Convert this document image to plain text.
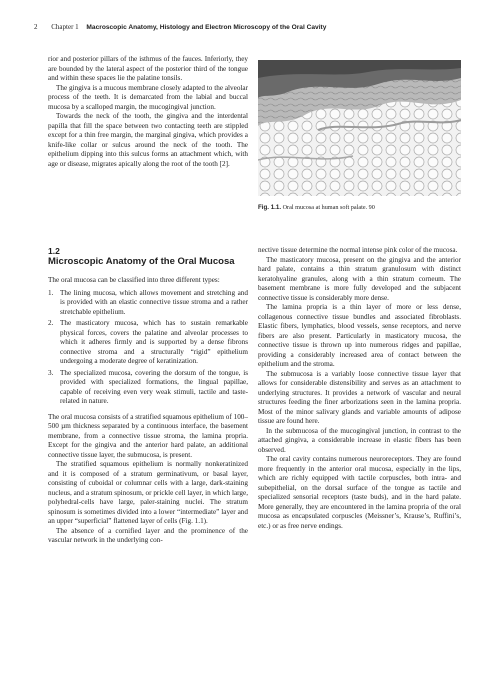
2 Chapter 1 Macroscopic Anatomy, Histology and Electron Microscopy of the Oral Cavity

rior and posterior pillars of the isthmus of the fauces. Inferiorly, they are bounded by the lateral aspect of the posterior third of the tongue and within these spaces lie the palatine tonsils.

The gingiva is a mucous membrane closely adapted to the alveolar process of the teeth. It is demarcated from the labial and buccal mucosa by a scalloped margin, the mucogingival junction.

Towards the neck of the tooth, the gingiva and the interdental papilla that fill the space between two contacting teeth are stippled except for a thin free margin, the marginal gingiva, which provides a knife-like collar or sulcus around the neck of the tooth. The epithelium dipping into this sulcus forms an attachment which, with age or disease, migrates apically along the root of the tooth [2].

Fig. 1.1. Oral mucosa at human soft palate. 90
1.2
Microscopic Anatomy of the Oral Mucosa

The oral mucosa can be classified into three different types:

1. The lining mucosa, which allows movement and stretching and is provided with an elastic connective tissue stroma and a rather stretchable epithelium.
2. The masticatory mucosa, which has to sustain remarkable physical forces, covers the palatine and alveolar processes to which it adheres firmly and is supported by a dense fibrons connective stroma and a structurally “rigid” epithelium undergoing a moderate degree of keratinization.
3. The specialized mucosa, covering the dorsum of the tongue, is provided with specialized formations, the lingual papillae, capable of receiving even very weak stimuli, tactile and taste-related in nature.

The oral mucosa consists of a stratified squamous epithelium of 100–500 µm thickness separated by a continuous interface, the basement membrane, from a connective tissue stroma, the lamina propria. Except for the gingiva and the anterior hard palate, an additional connective tissue layer, the submucosa, is present.

The stratified squamous epithelium is normally nonkeratinized and it is composed of a stratum germinativum, or basal layer, consisting of cuboidal or columnar cells with a large, dark-staining nucleus, and a stratum spinosum, or prickle cell layer, in which large, polyhedral-cells have large, paler-staining nuclei. The stratum spinosum is sometimes divided into a lower “intermediate” layer and an upper “superficial” flattened layer of cells (Fig. 1.1).

The absence of a cornified layer and the prominence of the vascular network in the underlying con-

nective tissue determine the normal intense pink color of the mucosa.

The masticatory mucosa, present on the gingiva and the anterior hard palate, contains a thin stratum granulosum with distinct keratohyaline granules, along with a thin stratum corneum. The basement membrane is more fully developed and the subjacent connective tissue is considerably more dense.

The lamina propria is a thin layer of more or less dense, collagenous connective tissue bundles and associated fibroblasts. Elastic fibers, lymphatics, blood vessels, sense receptors, and nerve fibers are also present. Particularly in masticatory mucosa, the connective tissue is thrown up into numerous ridges and papillae, providing a considerably increased area of contact between the epithelium and the stroma.

The submucosa is a variably loose connective tissue layer that allows for considerable distensibility and serves as an attachment to underlying structures. It provides a network of vascular and neural structures feeding the finer arborizations seen in the lamina propria. Most of the minor salivary glands and variable amounts of adipose tissue are found here.

In the submucosa of the mucogingival junction, in contrast to the attached gingiva, a considerable increase in elastic fibers has been observed.

The oral cavity contains numerous neuroreceptors. They are found more frequently in the anterior oral mucosa, especially in the lips, which are richly equipped with tactile corpuscles, both intra- and subepithelial, on the dorsal surface of the tongue as tactile and specialized sensorial receptors (taste buds), and in the hard palate. More generally, they are encountered in the lamina propria of the oral mucosa as encapsulated corpuscles (Meissner’s, Krause’s, Ruffini’s, etc.) or as free nerve endings.
